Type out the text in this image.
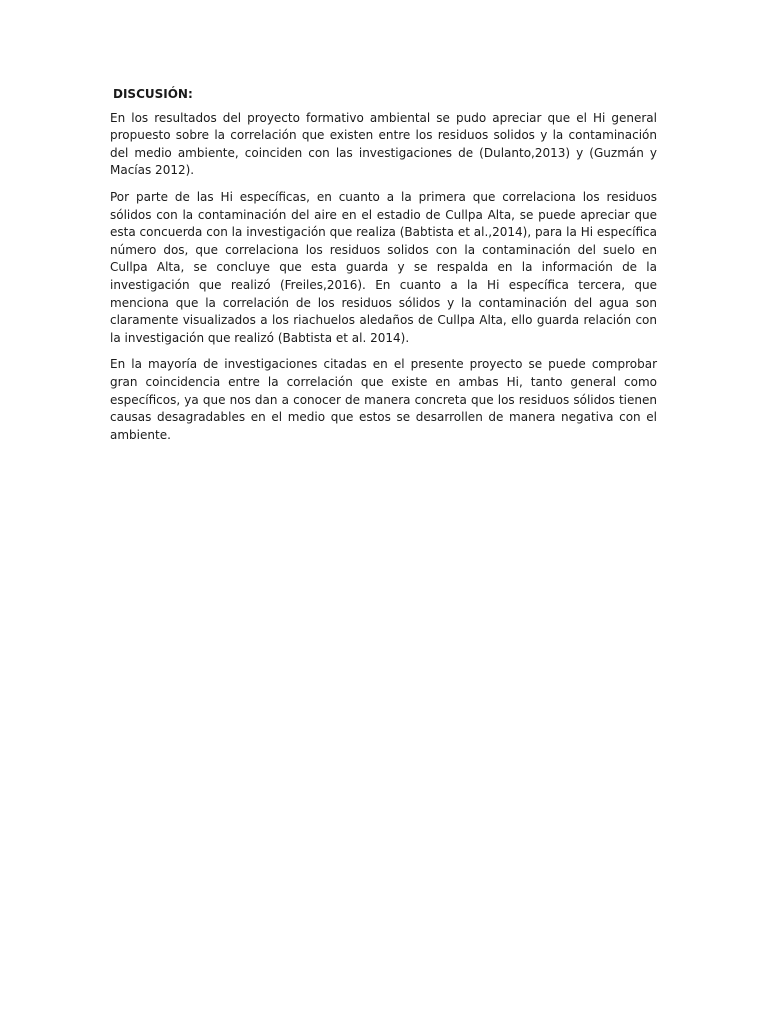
DISCUSIÓN:

En los resultados del proyecto formativo ambiental se pudo apreciar que el Hi general propuesto sobre la correlación que existen entre los residuos solidos y la contaminación del medio ambiente, coinciden con las investigaciones de (Dulanto,2013) y (Guzmán y Macías 2012).

Por parte de las Hi específicas, en cuanto a la primera que correlaciona los residuos sólidos con la contaminación del aire en el estadio de Cullpa Alta, se puede apreciar que esta concuerda con la investigación que realiza (Babtista et al.,2014), para la Hi específica número dos, que correlaciona los residuos solidos con la contaminación del suelo en Cullpa Alta, se concluye que esta guarda y se respalda en la información de la investigación que realizó (Freiles,2016). En cuanto a la Hi específica tercera, que menciona que la correlación de los residuos sólidos y la contaminación del agua son claramente visualizados a los riachuelos aledaños de Cullpa Alta, ello guarda relación con la investigación que realizó (Babtista et al. 2014).

En la mayoría de investigaciones citadas en el presente proyecto se puede comprobar gran coincidencia entre la correlación que existe en ambas Hi, tanto general como específicos, ya que nos dan a conocer de manera concreta que los residuos sólidos tienen causas desagradables en el medio que estos se desarrollen de manera negativa con el ambiente.
